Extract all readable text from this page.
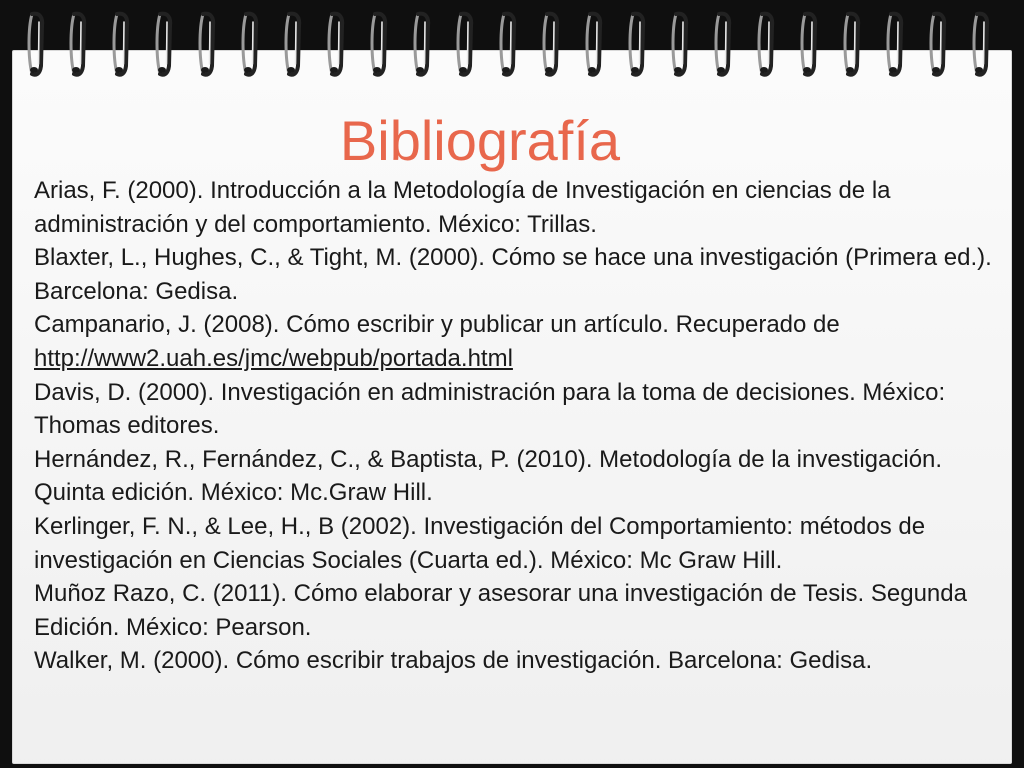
Bibliografía
Arias, F. (2000). Introducción a la Metodología de Investigación en ciencias de la administración y del comportamiento. México: Trillas.
Blaxter, L., Hughes, C., & Tight, M. (2000). Cómo se hace una investigación (Primera ed.). Barcelona: Gedisa.
Campanario, J. (2008). Cómo escribir y publicar un artículo. Recuperado de http://www2.uah.es/jmc/webpub/portada.html
Davis, D. (2000). Investigación en administración para la toma de decisiones. México: Thomas editores.
Hernández, R., Fernández, C., & Baptista, P. (2010). Metodología de la investigación. Quinta edición. México: Mc.Graw Hill.
Kerlinger, F. N., & Lee, H., B (2002). Investigación del Comportamiento: métodos de investigación en Ciencias Sociales (Cuarta ed.). México: Mc Graw Hill.
Muñoz Razo, C. (2011). Cómo elaborar y asesorar una investigación de Tesis. Segunda Edición. México: Pearson.
Walker, M. (2000). Cómo escribir trabajos de investigación. Barcelona: Gedisa.
